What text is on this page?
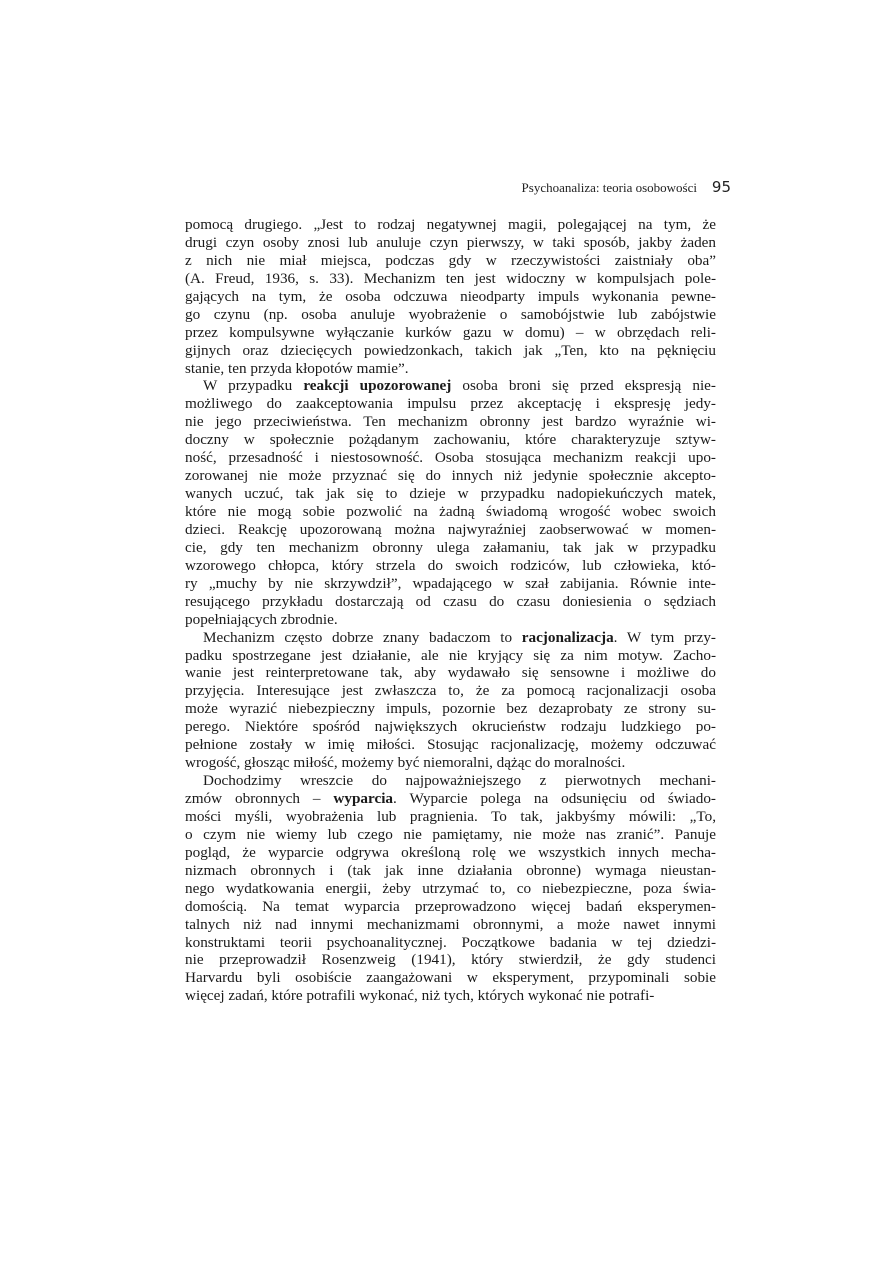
Psychoanaliza: teoria osobowości 95
pomocą drugiego. „Jest to rodzaj negatywnej magii, polegającej na tym, że
drugi czyn osoby znosi lub anuluje czyn pierwszy, w taki sposób, jakby żaden
z nich nie miał miejsca, podczas gdy w rzeczywistości zaistniały oba”
(A. Freud, 1936, s. 33). Mechanizm ten jest widoczny w kompulsjach pole-
gających na tym, że osoba odczuwa nieodparty impuls wykonania pewne-
go czynu (np. osoba anuluje wyobrażenie o samobójstwie lub zabójstwie
przez kompulsywne wyłączanie kurków gazu w domu) – w obrzędach reli-
gijnych oraz dziecięcych powiedzonkach, takich jak „Ten, kto na pęknięciu
stanie, ten przyda kłopotów mamie”.
W przypadku reakcji upozorowanej osoba broni się przed ekspresją nie-
możliwego do zaakceptowania impulsu przez akceptację i ekspresję jedy-
nie jego przeciwieństwa. Ten mechanizm obronny jest bardzo wyraźnie wi-
doczny w społecznie pożądanym zachowaniu, które charakteryzuje sztyw-
ność, przesadność i niestosowność. Osoba stosująca mechanizm reakcji upo-
zorowanej nie może przyznać się do innych niż jedynie społecznie akcepto-
wanych uczuć, tak jak się to dzieje w przypadku nadopiekuńczych matek,
które nie mogą sobie pozwolić na żadną świadomą wrogość wobec swoich
dzieci. Reakcję upozorowaną można najwyraźniej zaobserwować w momen-
cie, gdy ten mechanizm obronny ulega załamaniu, tak jak w przypadku
wzorowego chłopca, który strzela do swoich rodziców, lub człowieka, któ-
ry „muchy by nie skrzywdził”, wpadającego w szał zabijania. Równie inte-
resującego przykładu dostarczają od czasu do czasu doniesienia o sędziach
popełniających zbrodnie.
Mechanizm często dobrze znany badaczom to racjonalizacja. W tym przy-
padku spostrzegane jest działanie, ale nie kryjący się za nim motyw. Zacho-
wanie jest reinterpretowane tak, aby wydawało się sensowne i możliwe do
przyjęcia. Interesujące jest zwłaszcza to, że za pomocą racjonalizacji osoba
może wyrazić niebezpieczny impuls, pozornie bez dezaprobaty ze strony su-
perego. Niektóre spośród największych okrucieństw rodzaju ludzkiego po-
pełnione zostały w imię miłości. Stosując racjonalizację, możemy odczuwać
wrogość, głosząc miłość, możemy być niemoralni, dążąc do moralności.
Dochodzimy wreszcie do najpoważniejszego z pierwotnych mechani-
zmów obronnych – wyparcia. Wyparcie polega na odsunięciu od świado-
mości myśli, wyobrażenia lub pragnienia. To tak, jakbyśmy mówili: „To,
o czym nie wiemy lub czego nie pamiętamy, nie może nas zranić”. Panuje
pogląd, że wyparcie odgrywa określoną rolę we wszystkich innych mecha-
nizmach obronnych i (tak jak inne działania obronne) wymaga nieustan-
nego wydatkowania energii, żeby utrzymać to, co niebezpieczne, poza świa-
domością. Na temat wyparcia przeprowadzono więcej badań eksperymen-
talnych niż nad innymi mechanizmami obronnymi, a może nawet innymi
konstruktami teorii psychoanalitycznej. Początkowe badania w tej dziedzi-
nie przeprowadził Rosenzweig (1941), który stwierdził, że gdy studenci
Harvardu byli osobiście zaangażowani w eksperyment, przypominali sobie
więcej zadań, które potrafili wykonać, niż tych, których wykonać nie potrafi-
